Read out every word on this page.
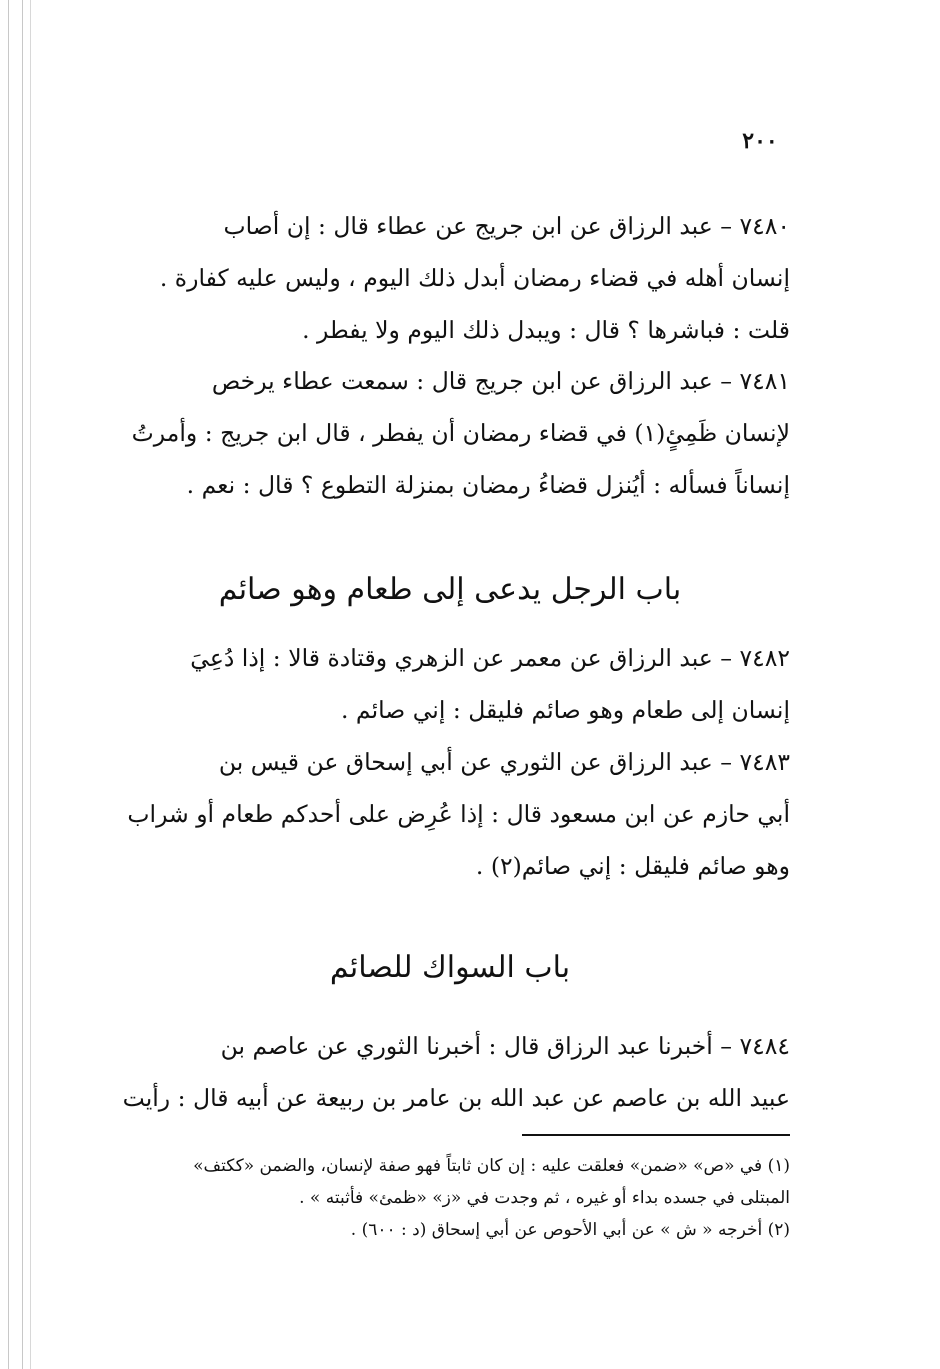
٢٠٠
٧٤٨٠ – عبد الرزاق عن ابن جريج عن عطاء قال : إن أصاب
إنسان أهله في قضاء رمضان أبدل ذلك اليوم ، وليس عليه كفارة .
قلت : فباشرها ؟ قال : ويبدل ذلك اليوم ولا يفطر .
٧٤٨١ – عبد الرزاق عن ابن جريج قال : سمعت عطاء يرخص
لإنسان ظَمِئٍ(١) في قضاء رمضان أن يفطر ، قال ابن جريج : وأمرتُ
إنساناً فسأله : أيُنزل قضاءُ رمضان بمنزلة التطوع ؟ قال : نعم .
باب الرجل يدعى إلى طعام وهو صائم
٧٤٨٢ – عبد الرزاق عن معمر عن الزهري وقتادة قالا : إذا دُعِيَ
إنسان إلى طعام وهو صائم فليقل : إني صائم .
٧٤٨٣ – عبد الرزاق عن الثوري عن أبي إسحاق عن قيس بن
أبي حازم عن ابن مسعود قال : إذا عُرِض على أحدكم طعام أو شراب
وهو صائم فليقل : إني صائم(٢) .
باب السواك للصائم
٧٤٨٤ – أخبرنا عبد الرزاق قال : أخبرنا الثوري عن عاصم بن
عبيد الله بن عاصم عن عبد الله بن عامر بن ربيعة عن أبيه قال : رأيت
(١) في «ص» «ضمن» فعلقت عليه : إن كان ثابتاً فهو صفة لإنسان، والضمن «ككتف»
المبتلى في جسده بداء أو غيره ، ثم وجدت في «ز» «ظمئ» فأثبته » .
(٢) أخرجه « ش » عن أبي الأحوص عن أبي إسحاق (د : ٦٠٠) .
